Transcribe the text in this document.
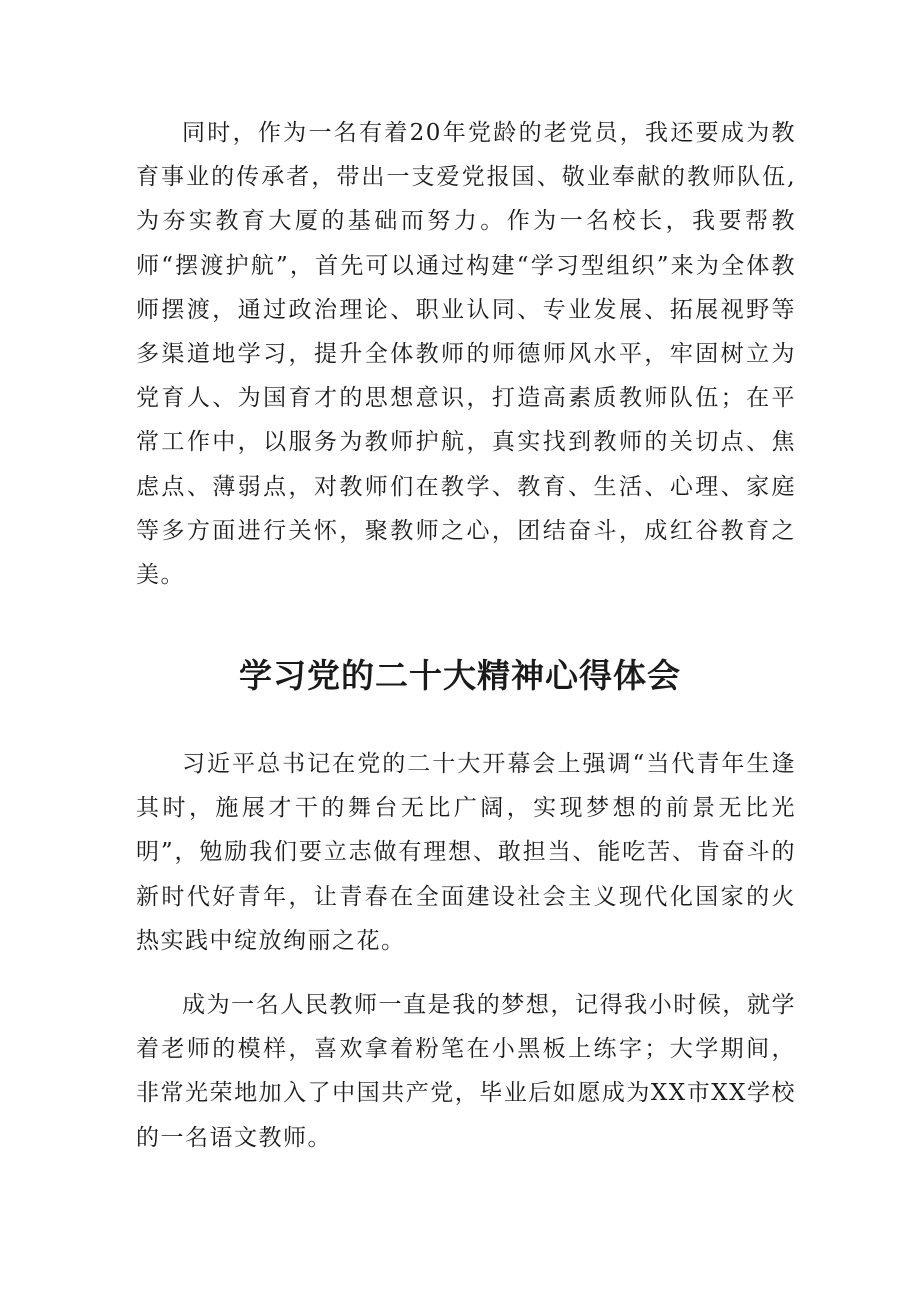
同时，作为一名有着20年党龄的老党员，我还要成为教育事业的传承者，带出一支爱党报国、敬业奉献的教师队伍,为夯实教育大厦的基础而努力。作为一名校长，我要帮教师“摆渡护航”，首先可以通过构建“学习型组织”来为全体教师摆渡，通过政治理论、职业认同、专业发展、拓展视野等多渠道地学习，提升全体教师的师德师风水平，牢固树立为党育人、为国育才的思想意识，打造高素质教师队伍；在平常工作中，以服务为教师护航，真实找到教师的关切点、焦虑点、薄弱点，对教师们在教学、教育、生活、心理、家庭等多方面进行关怀，聚教师之心，团结奋斗，成红谷教育之美。

学习党的二十大精神心得体会

习近平总书记在党的二十大开幕会上强调“当代青年生逢其时，施展才干的舞台无比广阔，实现梦想的前景无比光明”，勉励我们要立志做有理想、敢担当、能吃苦、肯奋斗的新时代好青年，让青春在全面建设社会主义现代化国家的火热实践中绽放绚丽之花。

成为一名人民教师一直是我的梦想，记得我小时候，就学着老师的模样，喜欢拿着粉笔在小黑板上练字；大学期间，非常光荣地加入了中国共产党，毕业后如愿成为XX市XX学校的一名语文教师。
